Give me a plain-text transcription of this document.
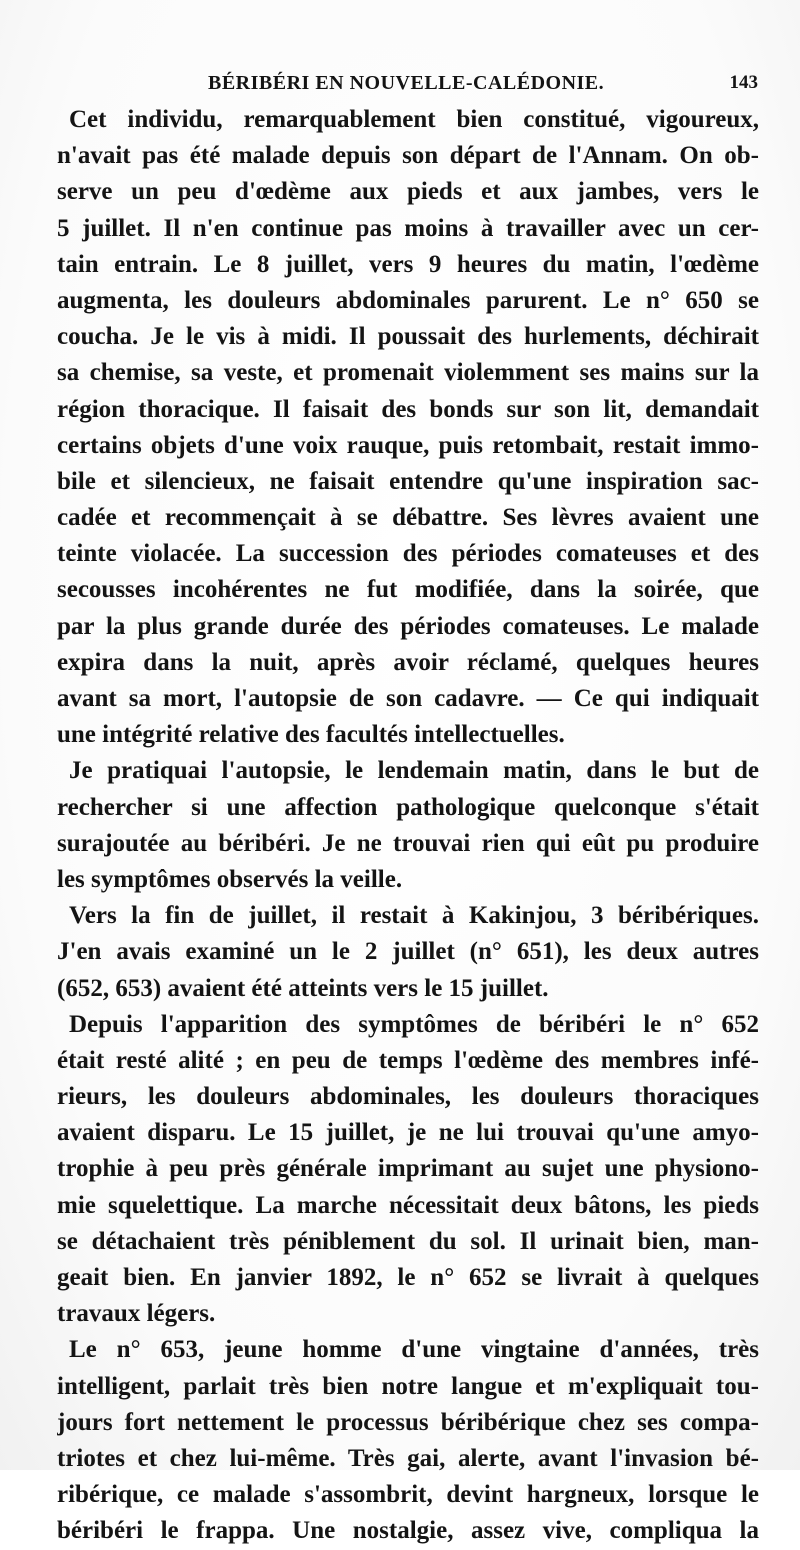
BÉRIBÉRI EN NOUVELLE-CALÉDONIE.	143
Cet individu, remarquablement bien constitué, vigoureux,
n'avait pas été malade depuis son départ de l'Annam. On ob-
serve un peu d'œdème aux pieds et aux jambes, vers le
5 juillet. Il n'en continue pas moins à travailler avec un cer-
tain entrain. Le 8 juillet, vers 9 heures du matin, l'œdème
augmenta, les douleurs abdominales parurent. Le n° 650 se
coucha. Je le vis à midi. Il poussait des hurlements, déchirait
sa chemise, sa veste, et promenait violemment ses mains sur la
région thoracique. Il faisait des bonds sur son lit, demandait
certains objets d'une voix rauque, puis retombait, restait immo-
bile et silencieux, ne faisait entendre qu'une inspiration sac-
cadée et recommençait à se débattre. Ses lèvres avaient une
teinte violacée. La succession des périodes comateuses et des
secousses incohérentes ne fut modifiée, dans la soirée, que
par la plus grande durée des périodes comateuses. Le malade
expira dans la nuit, après avoir réclamé, quelques heures
avant sa mort, l'autopsie de son cadavre. — Ce qui indiquait
une intégrité relative des facultés intellectuelles.
Je pratiquai l'autopsie, le lendemain matin, dans le but de
rechercher si une affection pathologique quelconque s'était
surajoutée au béribéri. Je ne trouvai rien qui eût pu produire
les symptômes observés la veille.
Vers la fin de juillet, il restait à Kakinjou, 3 béribériques.
J'en avais examiné un le 2 juillet (n° 651), les deux autres
(652, 653) avaient été atteints vers le 15 juillet.
Depuis l'apparition des symptômes de béribéri le n° 652
était resté alité ; en peu de temps l'œdème des membres infé-
rieurs, les douleurs abdominales, les douleurs thoraciques
avaient disparu. Le 15 juillet, je ne lui trouvai qu'une amyo-
trophie à peu près générale imprimant au sujet une physiono-
mie squelettique. La marche nécessitait deux bâtons, les pieds
se détachaient très péniblement du sol. Il urinait bien, man-
geait bien. En janvier 1892, le n° 652 se livrait à quelques
travaux légers.
Le n° 653, jeune homme d'une vingtaine d'années, très
intelligent, parlait très bien notre langue et m'expliquait tou-
jours fort nettement le processus béribérique chez ses compa-
triotes et chez lui-même. Très gai, alerte, avant l'invasion bé-
ribérique, ce malade s'assombrit, devint hargneux, lorsque le
béribéri le frappa. Une nostalgie, assez vive, compliqua la
